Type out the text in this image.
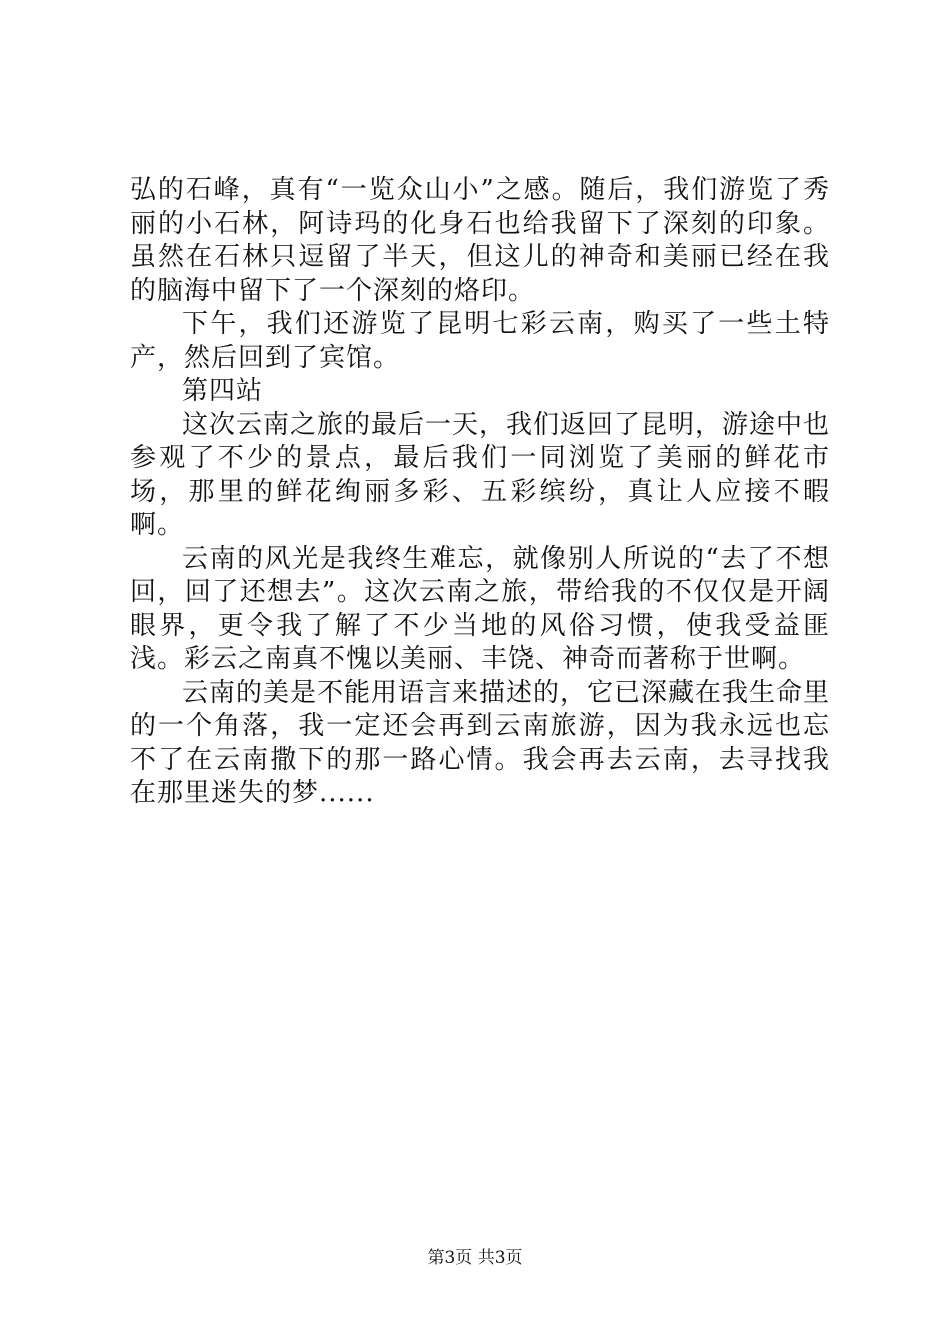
弘的石峰，真有“一览众山小”之感。随后，我们游览了秀丽的小石林，阿诗玛的化身石也给我留下了深刻的印象。虽然在石林只逗留了半天，但这儿的神奇和美丽已经在我的脑海中留下了一个深刻的烙印。

下午，我们还游览了昆明七彩云南，购买了一些土特产，然后回到了宾馆。

第四站

这次云南之旅的最后一天，我们返回了昆明，游途中也参观了不少的景点，最后我们一同浏览了美丽的鲜花市场，那里的鲜花绚丽多彩、五彩缤纷，真让人应接不暇啊。

云南的风光是我终生难忘，就像别人所说的“去了不想回，回了还想去”。这次云南之旅，带给我的不仅仅是开阔眼界，更令我了解了不少当地的风俗习惯，使我受益匪浅。彩云之南真不愧以美丽、丰饶、神奇而著称于世啊。

云南的美是不能用语言来描述的，它已深藏在我生命里的一个角落，我一定还会再到云南旅游，因为我永远也忘不了在云南撒下的那一路心情。我会再去云南，去寻找我在那里迷失的梦......

第3页 共3页
